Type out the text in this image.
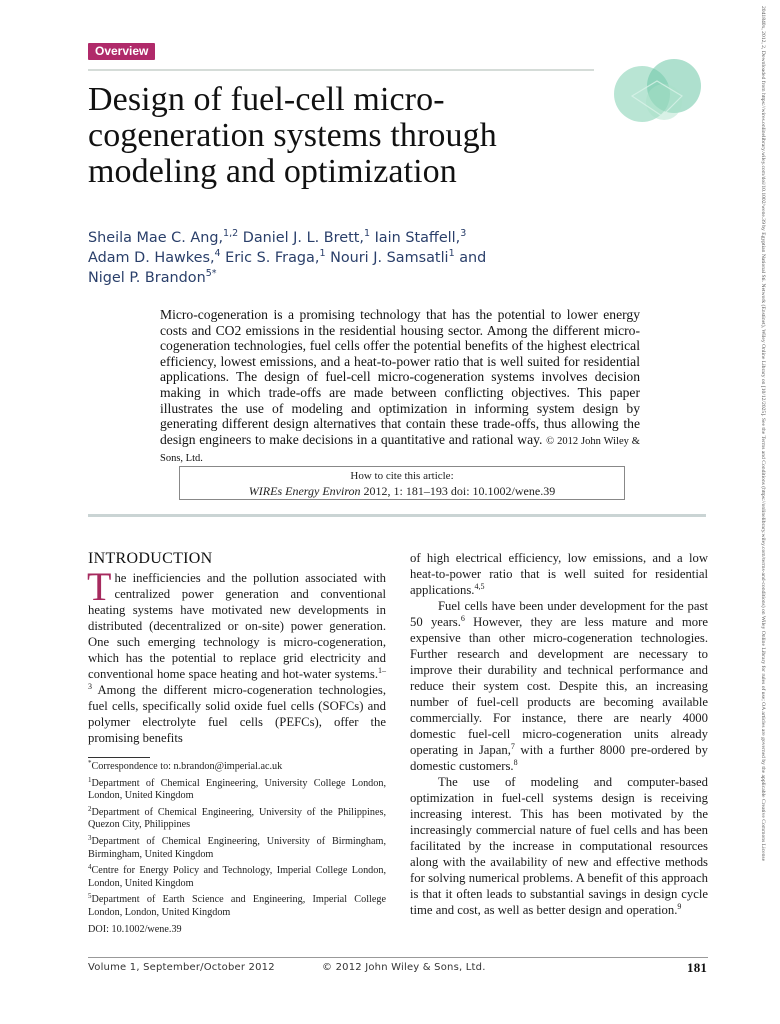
Overview
Design of fuel-cell micro-cogeneration systems through modeling and optimization
Sheila Mae C. Ang,$^{1,2}$ Daniel J. L. Brett,$^1$ Iain Staffell,$^3$
Adam D. Hawkes,$^4$ Eric S. Fraga,$^1$ Nouri J. Samsatli$^1$ and
Nigel P. Brandon$^{5*}$
Micro-cogeneration is a promising technology that has the potential to lower energy costs and CO2 emissions in the residential housing sector. Among the different micro-cogeneration technologies, fuel cells offer the potential benefits of the highest electrical efficiency, lowest emissions, and a heat-to-power ratio that is well suited for residential applications. The design of fuel-cell micro-cogeneration systems involves decision making in which trade-offs are made between conflicting objectives. This paper illustrates the use of modeling and optimization in informing system design by generating different design alternatives that contain these trade-offs, thus allowing the design engineers to make decisions in a quantitative and rational way. © 2012 John Wiley & Sons, Ltd.
How to cite this article:
WIREs Energy Environ 2012, 1: 181–193 doi: 10.1002/wene.39
INTRODUCTION

The inefficiencies and the pollution associated with centralized power generation and conventional heating systems have motivated new developments in distributed (decentralized or on-site) power generation. One such emerging technology is micro-cogeneration, which has the potential to replace grid electricity and conventional home space heating and hot-water systems.$^{1-3}$ Among the different micro-cogeneration technologies, fuel cells, specifically solid oxide fuel cells (SOFCs) and polymer electrolyte fuel cells (PEFCs), offer the promising benefits

*Correspondence to: n.brandon@imperial.ac.uk

$^1$Department of Chemical Engineering, University College London, London, United Kingdom

$^2$Department of Chemical Engineering, University of the Philippines, Quezon City, Philippines

$^3$Department of Chemical Engineering, University of Birmingham, Birmingham, United Kingdom

$^4$Centre for Energy Policy and Technology, Imperial College London, London, United Kingdom

$^5$Department of Earth Science and Engineering, Imperial College London, London, United Kingdom

DOI: 10.1002/wene.39

of high electrical efficiency, low emissions, and a low heat-to-power ratio that is well suited for residential applications.$^{4,5}$

Fuel cells have been under development for the past 50 years.$^6$ However, they are less mature and more expensive than other micro-cogeneration technologies. Further research and development are necessary to improve their durability and technical performance and reduce their system cost. Despite this, an increasing number of fuel-cell products are becoming available commercially. For instance, there are nearly 4000 domestic fuel-cell micro-cogeneration units already operating in Japan,$^7$ with a further 8000 pre-ordered by domestic customers.$^8$

The use of modeling and computer-based optimization in fuel-cell systems design is receiving increasing interest. This has been motivated by the increasingly commercial nature of fuel cells and has been facilitated by the increase in computational resources along with the availability of new and effective methods for solving numerical problems. A benefit of this approach is that it often leads to substantial savings in design cycle time and cost, as well as better design and operation.$^9$

Volume 1, September/October 2012	© 2012 John Wiley & Sons, Ltd.	181
2041840x, 2012, 2, Downloaded from https://wires.onlinelibrary.wiley.com/doi/10.1002/wene.39 by Egyptian National Sti. Network (Enstinet), Wiley Online Library on [10/12/2025]. See the Terms and Conditions (https://onlinelibrary.wiley.com/terms-and-conditions) on Wiley Online Library for rules of use; OA articles are governed by the applicable Creative Commons License
